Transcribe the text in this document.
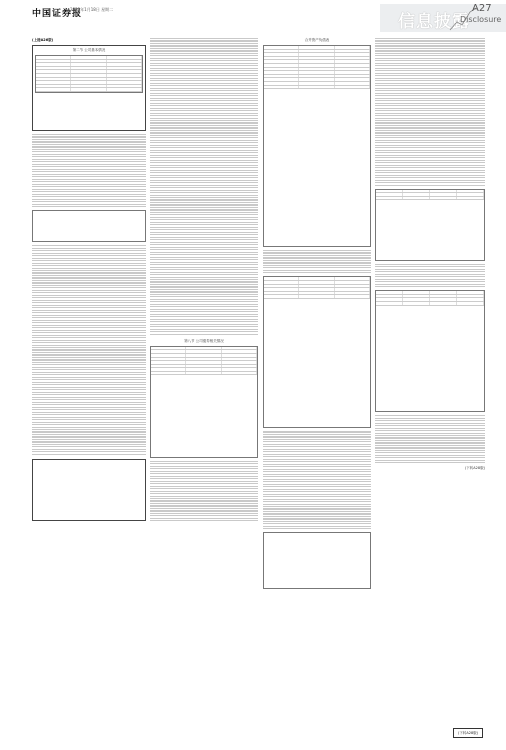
中国证券报
2022年1月18日 星期二
信息披露
A27
Disclosure
(上接A26版)
第二节 公司基本情况
第八节 公司债券相关情况
合并资产负债表
(下转A28版)
(下转A28版)
